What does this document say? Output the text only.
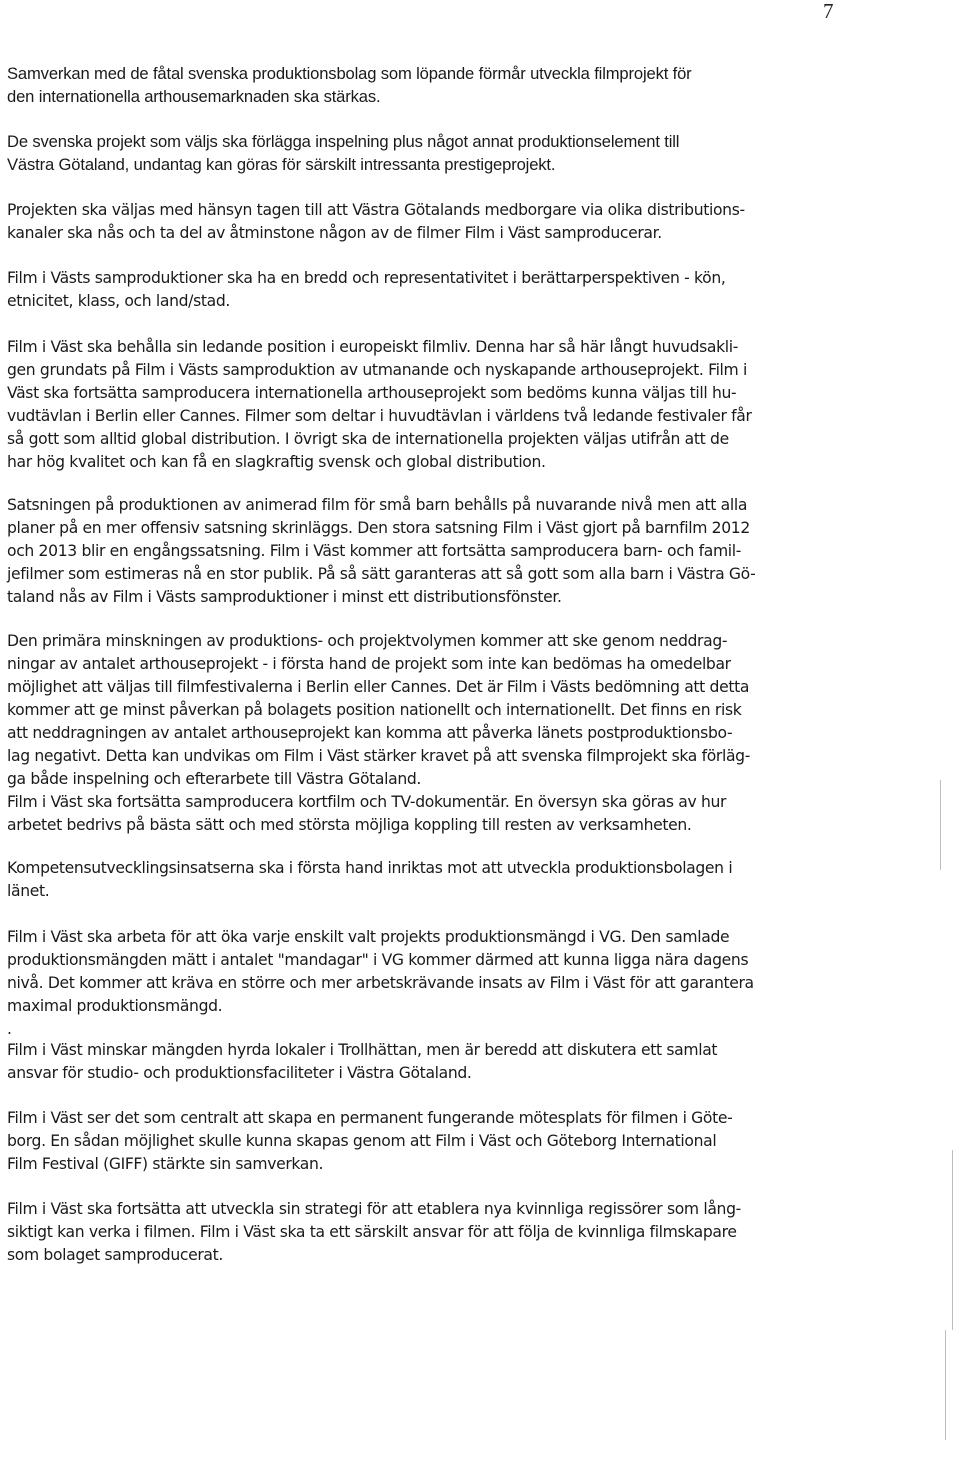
7

Samverkan med de fåtal svenska produktionsbolag som löpande förmår utveckla filmprojekt för
den internationella arthousemarknaden ska stärkas.

De svenska projekt som väljs ska förlägga inspelning plus något annat produktionselement till
Västra Götaland, undantag kan göras för särskilt intressanta prestigeprojekt.

Projekten ska väljas med hänsyn tagen till att Västra Götalands medborgare via olika distributions-
kanaler ska nås och ta del av åtminstone någon av de filmer Film i Väst samproducerar.

Film i Västs samproduktioner ska ha en bredd och representativitet i berättarperspektiven - kön,
etnicitet, klass, och land/stad.

Film i Väst ska behålla sin ledande position i europeiskt filmliv. Denna har så här långt huvudsakli-
gen grundats på Film i Västs samproduktion av utmanande och nyskapande arthouseprojekt. Film i
Väst ska fortsätta samproducera internationella arthouseprojekt som bedöms kunna väljas till hu-
vudtävlan i Berlin eller Cannes. Filmer som deltar i huvudtävlan i världens två ledande festivaler får
så gott som alltid global distribution. I övrigt ska de internationella projekten väljas utifrån att de
har hög kvalitet och kan få en slagkraftig svensk och global distribution.

Satsningen på produktionen av animerad film för små barn behålls på nuvarande nivå men att alla
planer på en mer offensiv satsning skrinläggs. Den stora satsning Film i Väst gjort på barnfilm 2012
och 2013 blir en engångssatsning. Film i Väst kommer att fortsätta samproducera barn- och famil-
jefilmer som estimeras nå en stor publik. På så sätt garanteras att så gott som alla barn i Västra Gö-
taland nås av Film i Västs samproduktioner i minst ett distributionsfönster.

Den primära minskningen av produktions- och projektvolymen kommer att ske genom neddrag-
ningar av antalet arthouseprojekt - i första hand de projekt som inte kan bedömas ha omedelbar
möjlighet att väljas till filmfestivalerna i Berlin eller Cannes. Det är Film i Västs bedömning att detta
kommer att ge minst påverkan på bolagets position nationellt och internationellt. Det finns en risk
att neddragningen av antalet arthouseprojekt kan komma att påverka länets postproduktionsbo-
lag negativt. Detta kan undvikas om Film i Väst stärker kravet på att svenska filmprojekt ska förläg-
ga både inspelning och efterarbete till Västra Götaland.
Film i Väst ska fortsätta samproducera kortfilm och TV-dokumentär. En översyn ska göras av hur
arbetet bedrivs på bästa sätt och med största möjliga koppling till resten av verksamheten.

Kompetensutvecklingsinsatserna ska i första hand inriktas mot att utveckla produktionsbolagen i
länet.

Film i Väst ska arbeta för att öka varje enskilt valt projekts produktionsmängd i VG. Den samlade
produktionsmängden mätt i antalet "mandagar" i VG kommer därmed att kunna ligga nära dagens
nivå. Det kommer att kräva en större och mer arbetskrävande insats av Film i Väst för att garantera
maximal produktionsmängd.
.

Film i Väst minskar mängden hyrda lokaler i Trollhättan, men är beredd att diskutera ett samlat
ansvar för studio- och produktionsfaciliteter i Västra Götaland.

Film i Väst ser det som centralt att skapa en permanent fungerande mötesplats för filmen i Göte-
borg. En sådan möjlighet skulle kunna skapas genom att Film i Väst och Göteborg International
Film Festival (GIFF) stärkte sin samverkan.

Film i Väst ska fortsätta att utveckla sin strategi för att etablera nya kvinnliga regissörer som lång-
siktigt kan verka i filmen. Film i Väst ska ta ett särskilt ansvar för att följa de kvinnliga filmskapare
som bolaget samproducerat.
